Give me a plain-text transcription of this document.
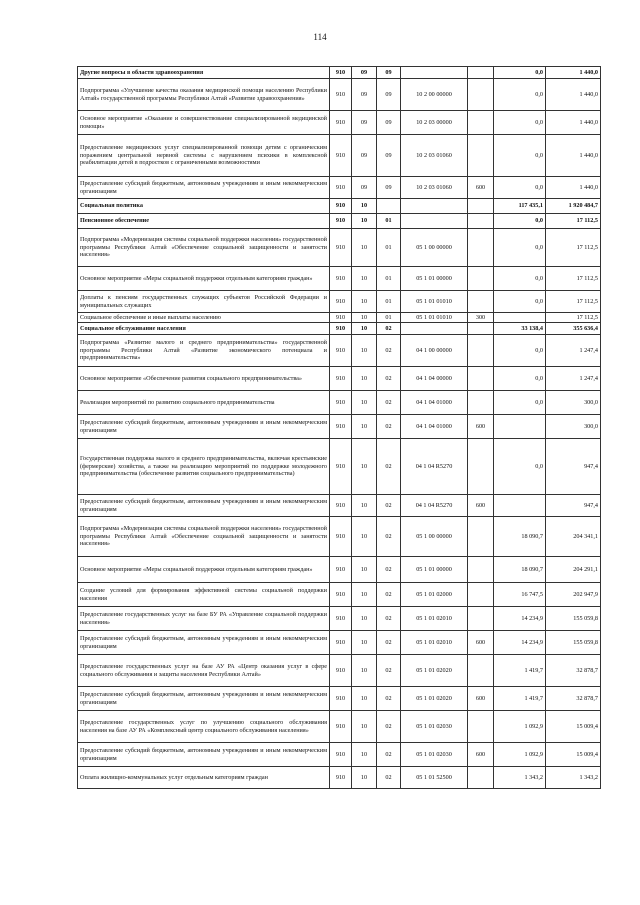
114
Другие вопросы в области здравоохранения	910	09	09			0,0	1 440,0
Подпрограмма «Улучшение качества оказания медицинской помощи населению Республики Алтай» государственной программы Республики Алтай «Развитие здравоохранения»	910	09	09	10 2 00 00000		0,0	1 440,0
Основное мероприятие «Оказание и совершенствование специализированной медицинской помощи»	910	09	09	10 2 03 00000		0,0	1 440,0
Предоставление медицинских услуг специализированной помощи детям с органическим поражением центральной нервной системы с нарушением психики в комплексной реабилитации детей в подростков с ограниченными возможностями	910	09	09	10 2 03 01060		0,0	1 440,0
Предоставление субсидий бюджетным, автономным учреждениям и иным некоммерческим организациям	910	09	09	10 2 03 01060	600	0,0	1 440,0
Социальная политика	910	10				117 435,1	1 920 484,7
Пенсионное обеспечение	910	10	01			0,0	17 112,5
Подпрограмма «Модернизация системы социальной поддержки населения» государственной программы Республики Алтай «Обеспечение социальной защищенности и занятости населения»	910	10	01	05 1 00 00000		0,0	17 112,5
Основное мероприятие «Меры социальной поддержки отдельным категориям граждан»	910	10	01	05 1 01 00000		0,0	17 112,5
Доплаты к пенсиям государственных служащих субъектов Российской Федерации и муниципальных служащих	910	10	01	05 1 01 01010		0,0	17 112,5
Социальное обеспечение и иные выплаты населению	910	10	01	05 1 01 01010	300		17 112,5
Социальное обслуживание населения	910	10	02			33 138,4	355 636,4
Подпрограмма «Развитие малого и среднего предпринимательства» государственной программы Республики Алтай «Развитие экономического потенциала и предпринимательства»	910	10	02	04 1 00 00000		0,0	1 247,4
Основное мероприятие «Обеспечение развития социального предпринимательства»	910	10	02	04 1 04 00000		0,0	1 247,4
Реализация мероприятий по развитию социального предпринимательства	910	10	02	04 1 04 01000		0,0	300,0
Предоставление субсидий бюджетным, автономным учреждениям и иным некоммерческим организациям	910	10	02	04 1 04 01000	600		300,0
Государственная поддержка малого и среднего предпринимательства, включая крестьянские (фермерские) хозяйства, а также на реализацию мероприятий по поддержке молодежного предпринимательства (обеспечение развития социального предпринимательства)	910	10	02	04 1 04 R5270		0,0	947,4
Предоставление субсидий бюджетным, автономным учреждениям и иным некоммерческим организациям	910	10	02	04 1 04 R5270	600		947,4
Подпрограмма «Модернизация системы социальной поддержки населения» государственной программы Республики Алтай «Обеспечение социальной защищенности и занятости населения»	910	10	02	05 1 00 00000		18 090,7	204 341,1
Основное мероприятие «Меры социальной поддержки отдельным категориям граждан»	910	10	02	05 1 01 00000		18 090,7	204 291,1
Создание условий для формирования эффективной системы социальной поддержки населения	910	10	02	05 1 01 02000		16 747,5	202 947,9
Предоставление государственных услуг на базе БУ РА «Управление социальной поддержки населения»	910	10	02	05 1 01 02010		14 234,9	155 059,8
Предоставление субсидий бюджетным, автономным учреждениям и иным некоммерческим организациям	910	10	02	05 1 01 02010	600	14 234,9	155 059,8
Предоставление государственных услуг на базе АУ РА «Центр оказания услуг в сфере социального обслуживания и защиты населения Республики Алтай»	910	10	02	05 1 01 02020		1 419,7	32 878,7
Предоставление субсидий бюджетным, автономным учреждениям и иным некоммерческим организациям	910	10	02	05 1 01 02020	600	1 419,7	32 878,7
Предоставление государственных услуг по улучшению социального обслуживания населения на базе АУ РА «Комплексный центр социального обслуживания населения»	910	10	02	05 1 01 02030		1 092,9	15 009,4
Предоставление субсидий бюджетным, автономным учреждениям и иным некоммерческим организациям	910	10	02	05 1 01 02030	600	1 092,9	15 009,4
Оплата жилищно-коммунальных услуг отдельным категориям граждан	910	10	02	05 1 01 52500		1 343,2	1 343,2
